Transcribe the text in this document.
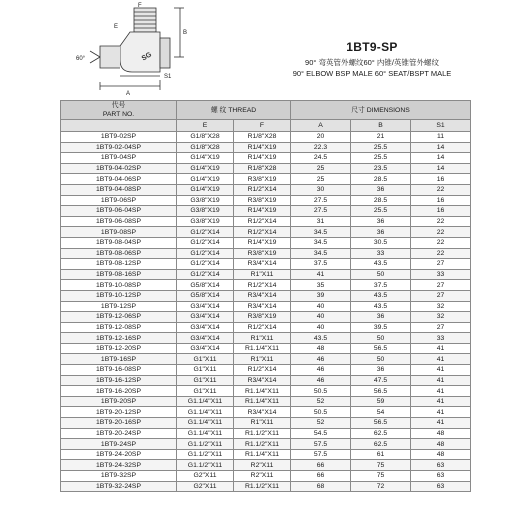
F
B
E
60°
S1
A
SG
1BT9-SP
90° 弯英管外螺纹60° 内锥/英锥管外螺纹
90° ELBOW BSP MALE 60° SEAT/BSPT MALE
代号
PART NO.	螺 纹 THREAD		尺寸 DIMENSIONS		
	E	F	A	B	S1
1BT9-02SP	G1/8"X28	R1/8"X28	20	21	11
1BT9-02-04SP	G1/8"X28	R1/4"X19	22.3	25.5	14
1BT9-04SP	G1/4"X19	R1/4"X19	24.5	25.5	14
1BT9-04-02SP	G1/4"X19	R1/8"X28	25	23.5	14
1BT9-04-06SP	G1/4"X19	R3/8"X19	25	28.5	16
1BT9-04-08SP	G1/4"X19	R1/2"X14	30	36	22
1BT9-06SP	G3/8"X19	R3/8"X19	27.5	28.5	16
1BT9-06-04SP	G3/8"X19	R1/4"X19	27.5	25.5	16
1BT9-06-08SP	G3/8"X19	R1/2"X14	31	36	22
1BT9-08SP	G1/2"X14	R1/2"X14	34.5	36	22
1BT9-08-04SP	G1/2"X14	R1/4"X19	34.5	30.5	22
1BT9-08-06SP	G1/2"X14	R3/8"X19	34.5	33	22
1BT9-08-12SP	G1/2"X14	R3/4"X14	37.5	43.5	27
1BT9-08-16SP	G1/2"X14	R1"X11	41	50	33
1BT9-10-08SP	G5/8"X14	R1/2"X14	35	37.5	27
1BT9-10-12SP	G5/8"X14	R3/4"X14	39	43.5	27
1BT9-12SP	G3/4"X14	R3/4"X14	40	43.5	32
1BT9-12-06SP	G3/4"X14	R3/8"X19	40	36	32
1BT9-12-08SP	G3/4"X14	R1/2"X14	40	39.5	27
1BT9-12-16SP	G3/4"X14	R1"X11	43.5	50	33
1BT9-12-20SP	G3/4"X14	R1.1/4"X11	48	56.5	41
1BT9-16SP	G1"X11	R1"X11	46	50	41
1BT9-16-08SP	G1"X11	R1/2"X14	46	36	41
1BT9-16-12SP	G1"X11	R3/4"X14	46	47.5	41
1BT9-16-20SP	G1"X11	R1.1/4"X11	50.5	56.5	41
1BT9-20SP	G1.1/4"X11	R1.1/4"X11	52	59	41
1BT9-20-12SP	G1.1/4"X11	R3/4"X14	50.5	54	41
1BT9-20-16SP	G1.1/4"X11	R1"X11	52	56.5	41
1BT9-20-24SP	G1.1/4"X11	R1.1/2"X11	54.5	62.5	48
1BT9-24SP	G1.1/2"X11	R1.1/2"X11	57.5	62.5	48
1BT9-24-20SP	G1.1/2"X11	R1.1/4"X11	57.5	61	48
1BT9-24-32SP	G1.1/2"X11	R2"X11	66	75	63
1BT9-32SP	G2"X11	R2"X11	66	75	63
1BT9-32-24SP	G2"X11	R1.1/2"X11	68	72	63
